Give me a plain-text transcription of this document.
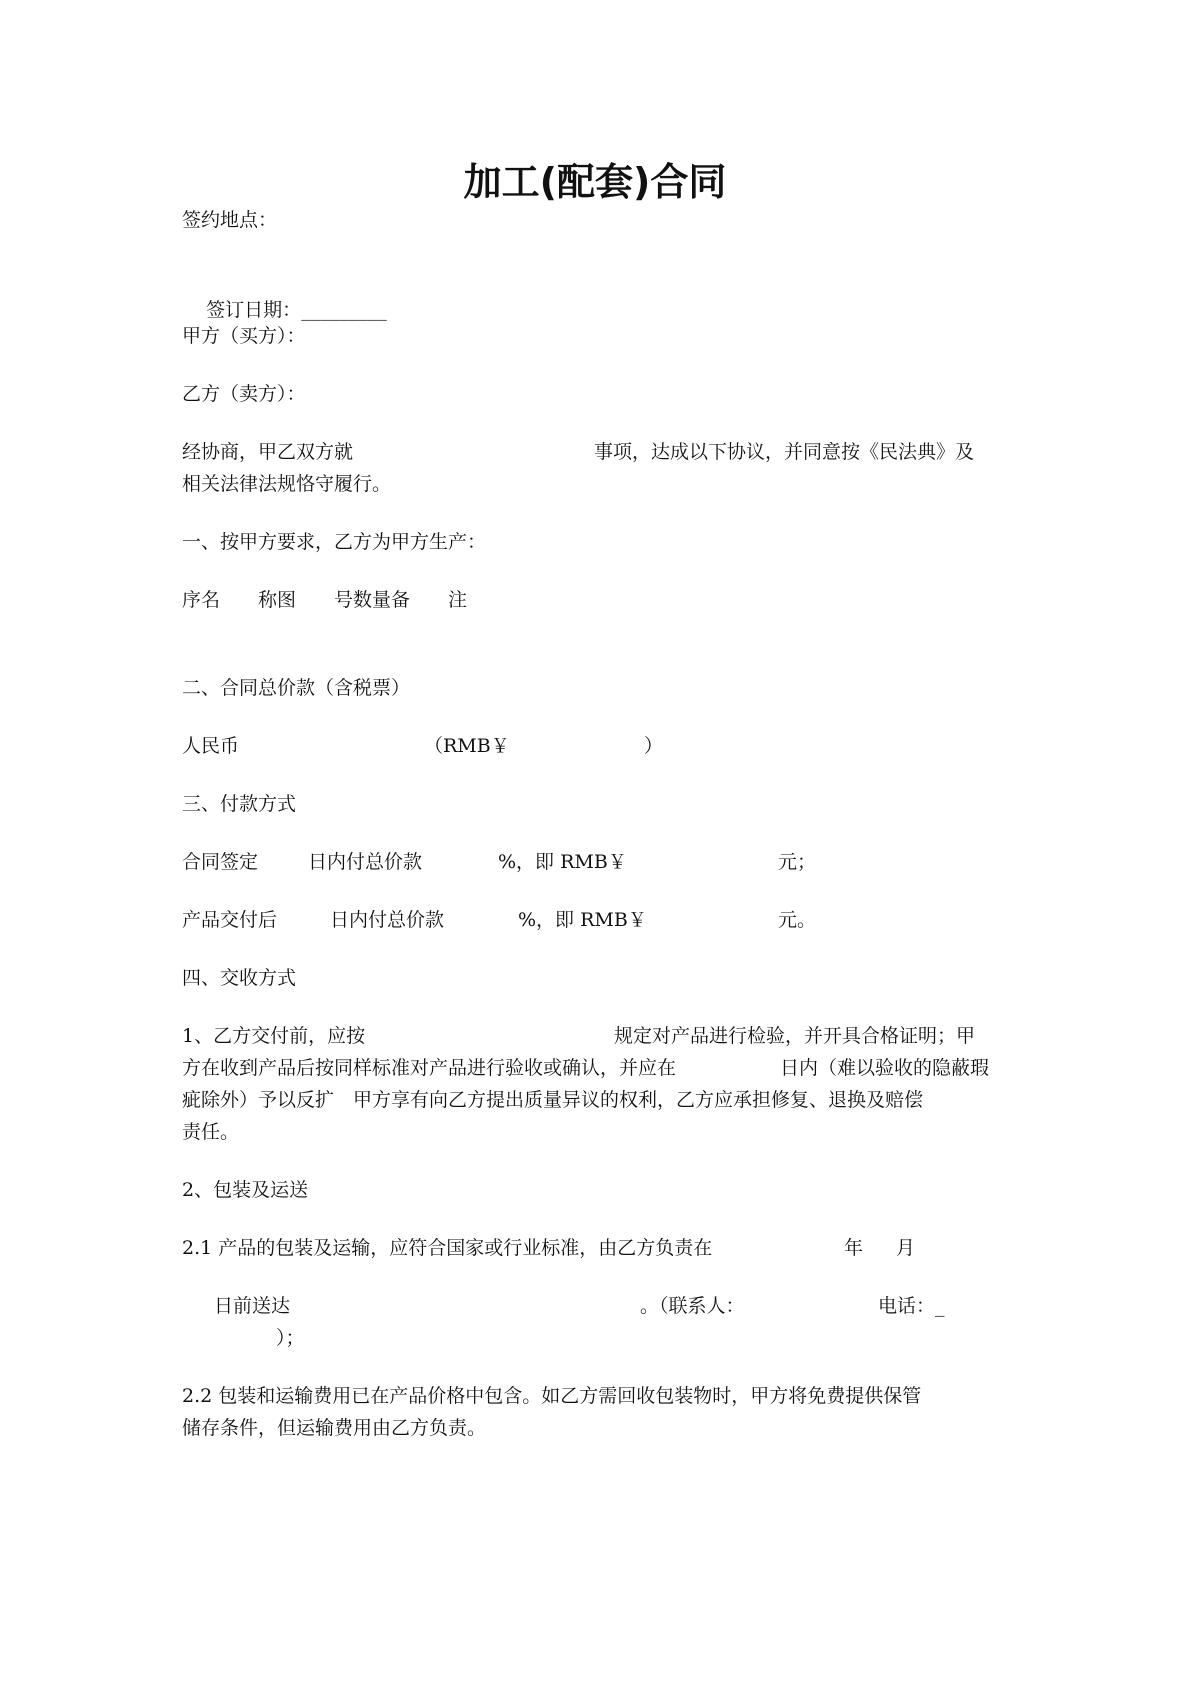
加工(配套)合同
签约地点：

签订日期：_________

甲方（买方）：
乙方（卖方）：
经协商，甲乙双方就	事项，达成以下协议，并同意按《民法典》及
相关法律法规恪守履行。
一、按甲方要求，乙方为甲方生产：
序名　　称图　　号数量备　　注
二、合同总价款（含税票）
人民币	（RMB￥	）
三、付款方式
合同签定	日内付总价款	%，即 RMB￥	元；
产品交付后	日内付总价款	%，即 RMB￥	元。
四、交收方式
1、乙方交付前，应按	规定对产品进行检验，并开具合格证明；甲
方在收到产品后按同样标准对产品进行验收或确认，并应在	日内（难以验收的隐蔽瑕
疵除外）予以反扩　甲方享有向乙方提出质量异议的权利，乙方应承担修复、退换及赔偿
责任。
2、包装及运送
2.1 产品的包装及运输，应符合国家或行业标准，由乙方负责在	年 月
日前送达	。（联系人：	电话：_
）；
2.2 包装和运输费用已在产品价格中包含。如乙方需回收包装物时，甲方将免费提供保管
储存条件，但运输费用由乙方负责。
